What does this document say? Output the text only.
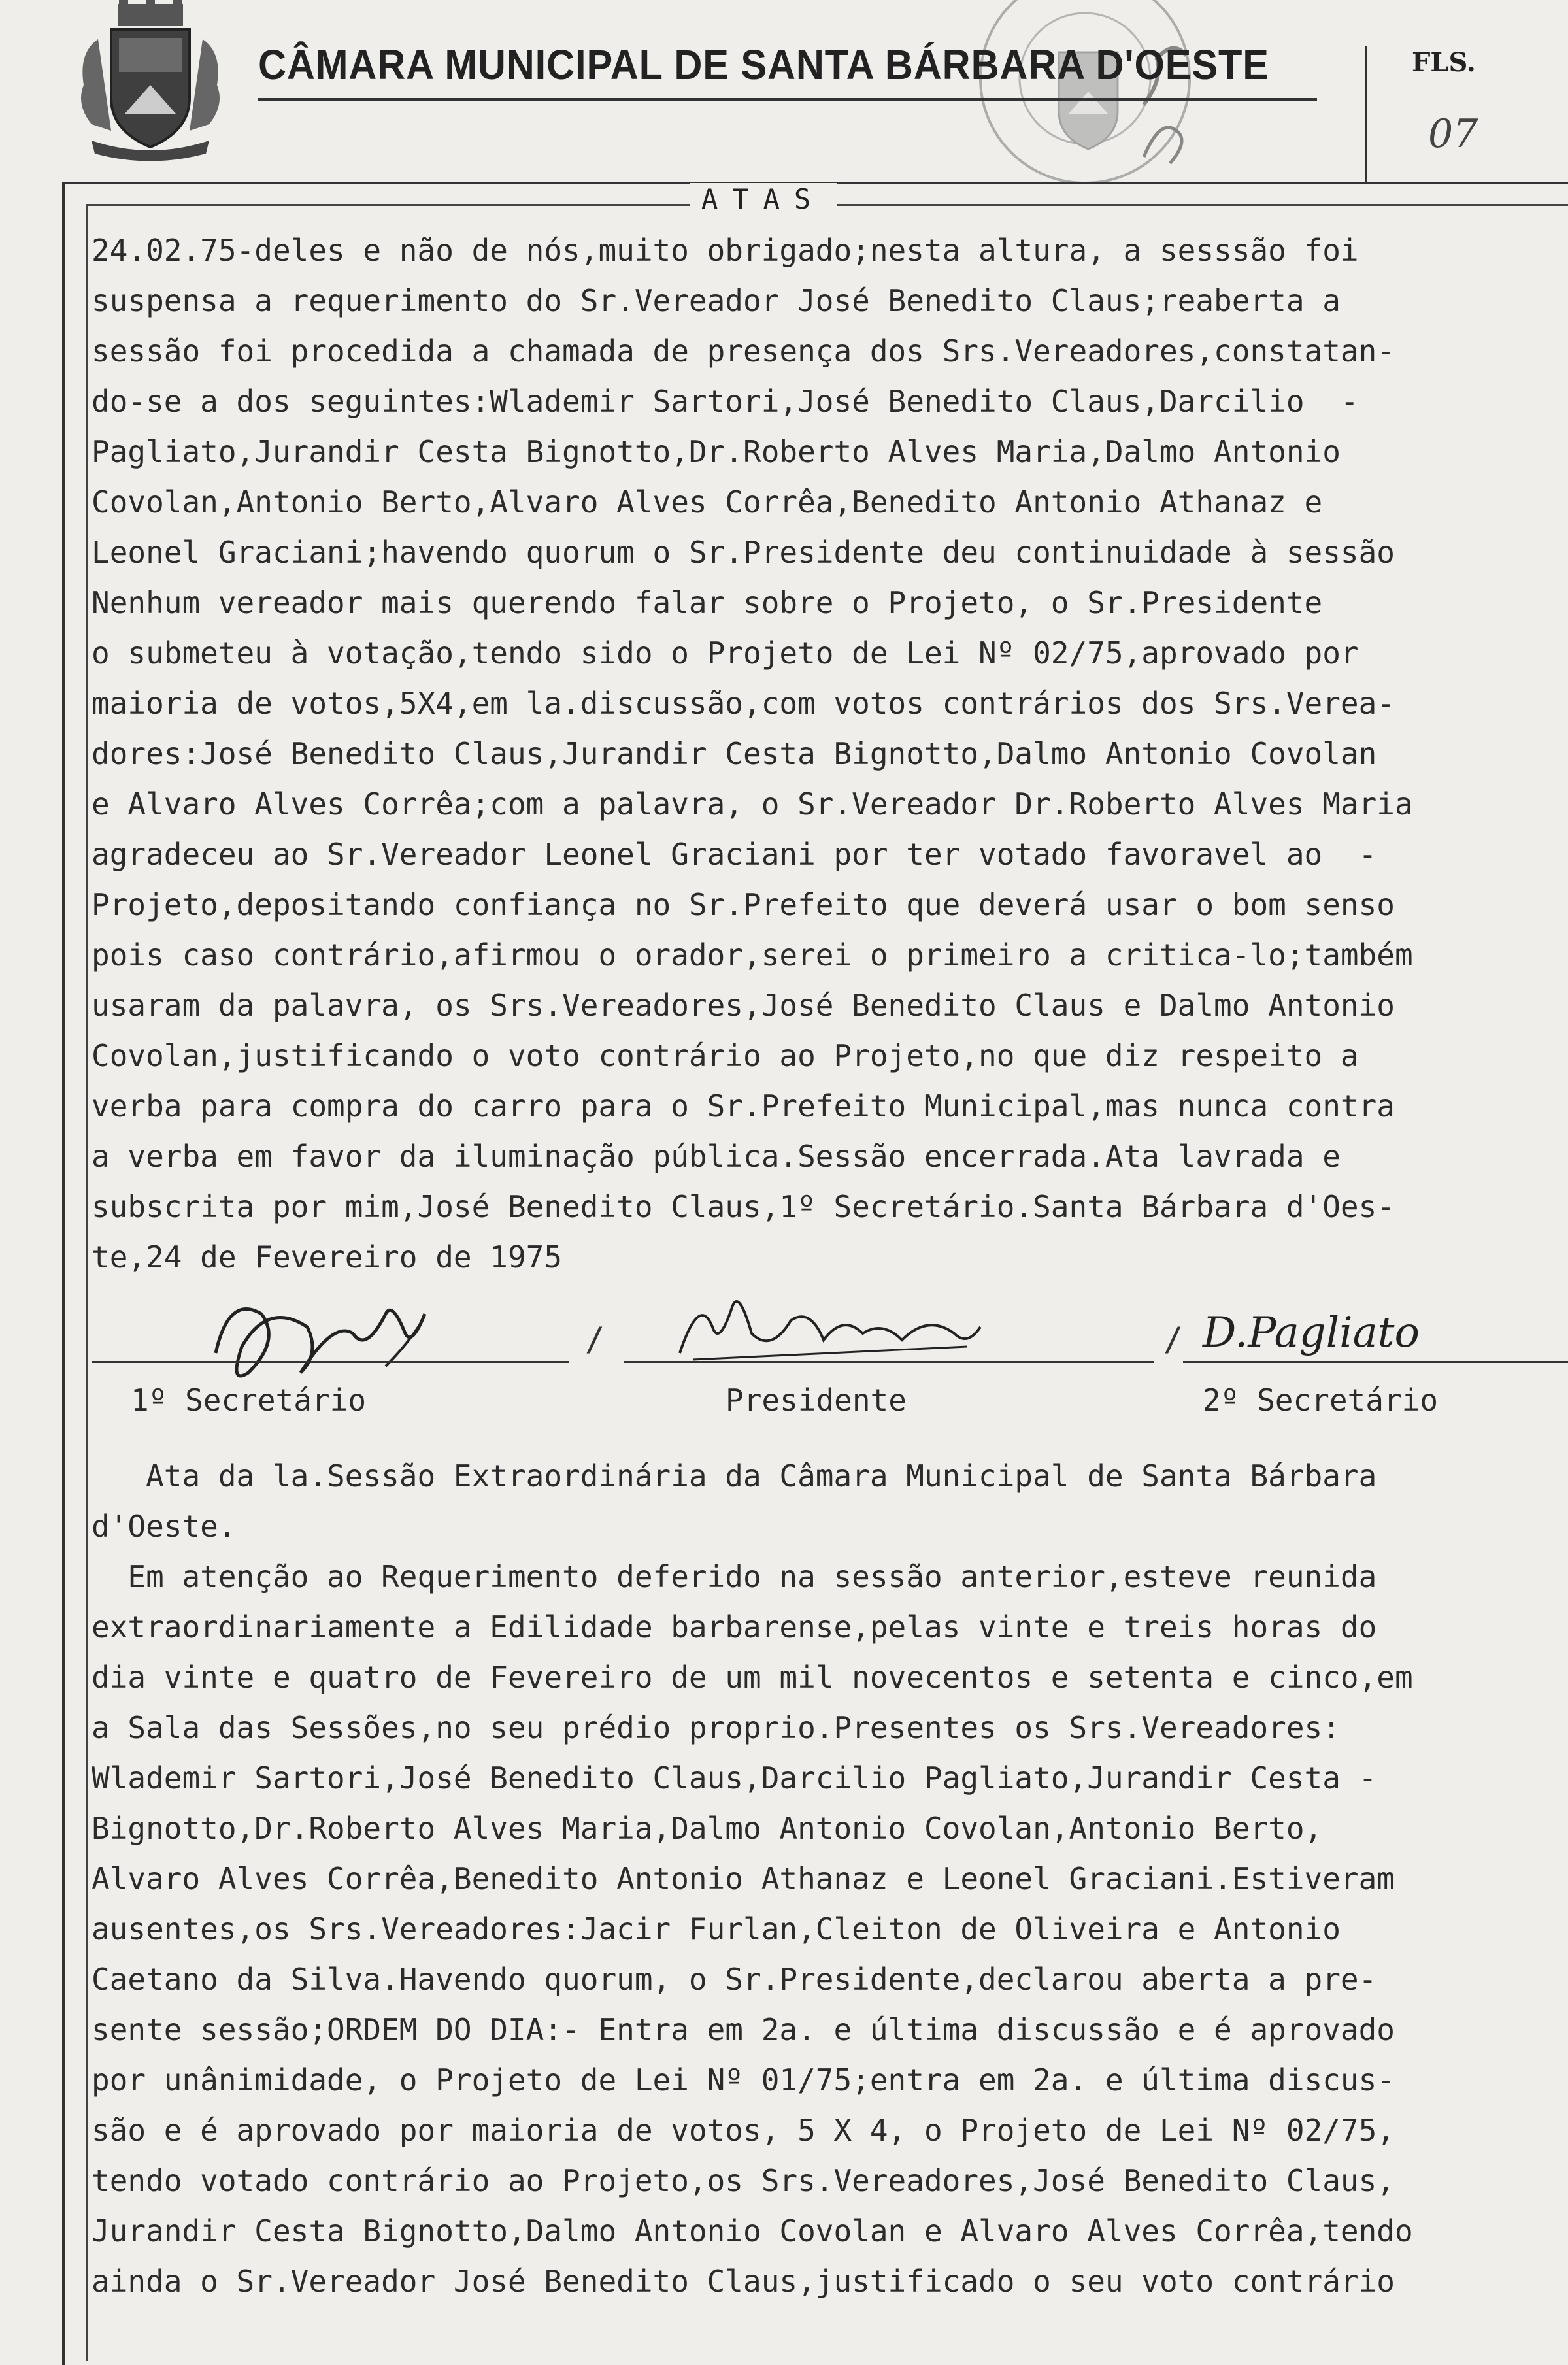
CÂMARA MUNICIPAL DE SANTA BÁRBARA D'OESTE	FLS.
07
ATAS
24.02.75-deles e não de nós,muito obrigado;nesta altura, a sesssão foi
suspensa a requerimento do Sr.Vereador José Benedito Claus;reaberta a
sessão foi procedida a chamada de presença dos Srs.Vereadores,constatan-
do-se a dos seguintes:Wlademir Sartori,José Benedito Claus,Darcilio  -
Pagliato,Jurandir Cesta Bignotto,Dr.Roberto Alves Maria,Dalmo Antonio
Covolan,Antonio Berto,Alvaro Alves Corrêa,Benedito Antonio Athanaz e
Leonel Graciani;havendo quorum o Sr.Presidente deu continuidade à sessão
Nenhum vereador mais querendo falar sobre o Projeto, o Sr.Presidente
o submeteu à votação,tendo sido o Projeto de Lei Nº 02/75,aprovado por
maioria de votos,5X4,em la.discussão,com votos contrários dos Srs.Verea-
dores:José Benedito Claus,Jurandir Cesta Bignotto,Dalmo Antonio Covolan
e Alvaro Alves Corrêa;com a palavra, o Sr.Vereador Dr.Roberto Alves Maria
agradeceu ao Sr.Vereador Leonel Graciani por ter votado favoravel ao  -
Projeto,depositando confiança no Sr.Prefeito que deverá usar o bom senso
pois caso contrário,afirmou o orador,serei o primeiro a critica-lo;também
usaram da palavra, os Srs.Vereadores,José Benedito Claus e Dalmo Antonio
Covolan,justificando o voto contrário ao Projeto,no que diz respeito a
verba para compra do carro para o Sr.Prefeito Municipal,mas nunca contra
a verba em favor da iluminação pública.Sessão encerrada.Ata lavrada e
subscrita por mim,José Benedito Claus,1º Secretário.Santa Bárbara d'Oes-
te,24 de Fevereiro de 1975
D.Pagliato
/	/
1º Secretário	Presidente	2º Secretário
Ata da la.Sessão Extraordinária da Câmara Municipal de Santa Bárbara
d'Oeste.
Em atenção ao Requerimento deferido na sessão anterior,esteve reunida
extraordinariamente a Edilidade barbarense,pelas vinte e treis horas do
dia vinte e quatro de Fevereiro de um mil novecentos e setenta e cinco,em
a Sala das Sessões,no seu prédio proprio.Presentes os Srs.Vereadores:
Wlademir Sartori,José Benedito Claus,Darcilio Pagliato,Jurandir Cesta -
Bignotto,Dr.Roberto Alves Maria,Dalmo Antonio Covolan,Antonio Berto,
Alvaro Alves Corrêa,Benedito Antonio Athanaz e Leonel Graciani.Estiveram
ausentes,os Srs.Vereadores:Jacir Furlan,Cleiton de Oliveira e Antonio
Caetano da Silva.Havendo quorum, o Sr.Presidente,declarou aberta a pre-
sente sessão;ORDEM DO DIA:- Entra em 2a. e última discussão e é aprovado
por unânimidade, o Projeto de Lei Nº 01/75;entra em 2a. e última discus-
são e é aprovado por maioria de votos, 5 X 4, o Projeto de Lei Nº 02/75,
tendo votado contrário ao Projeto,os Srs.Vereadores,José Benedito Claus,
Jurandir Cesta Bignotto,Dalmo Antonio Covolan e Alvaro Alves Corrêa,tendo
ainda o Sr.Vereador José Benedito Claus,justificado o seu voto contrário
